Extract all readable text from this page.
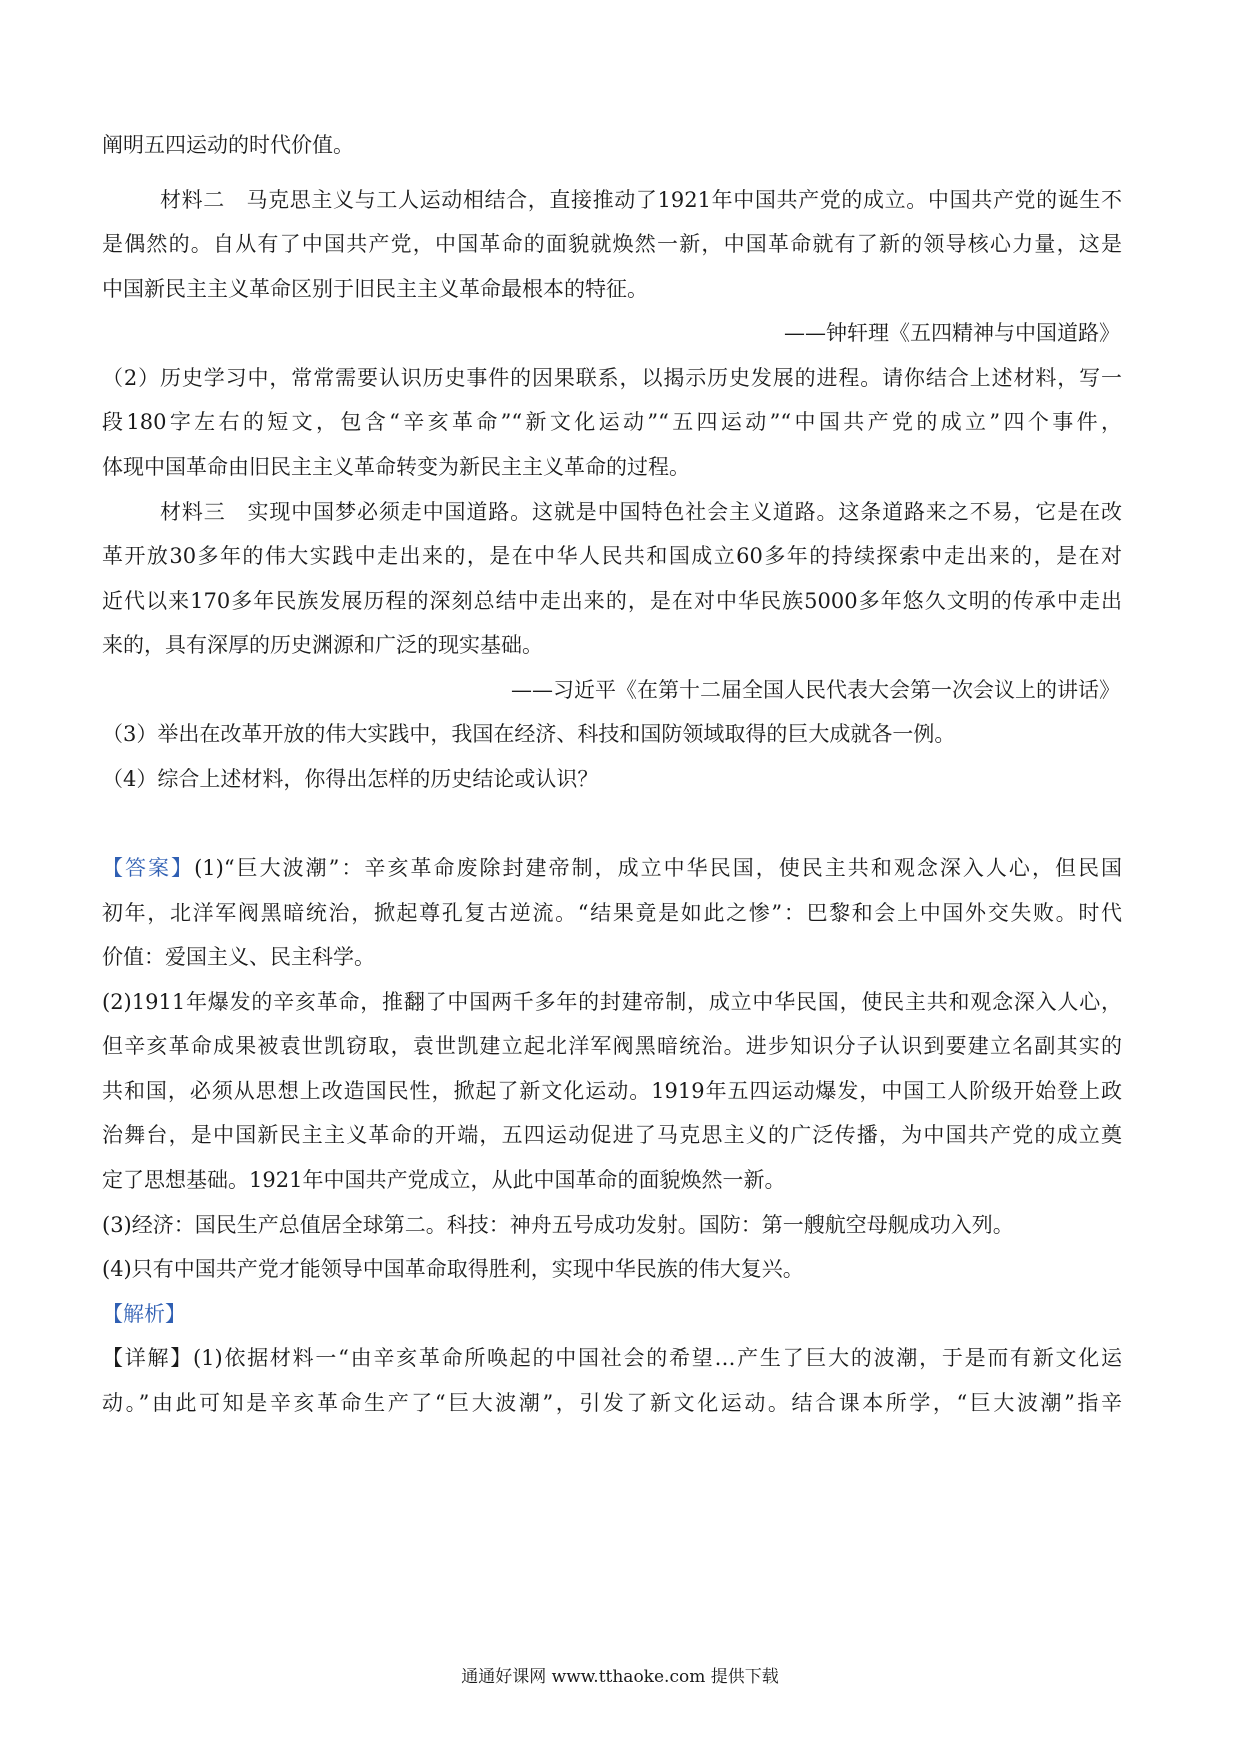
阐明五四运动的时代价值。
材料二　马克思主义与工人运动相结合，直接推动了1921年中国共产党的成立。中国共产党的诞生不
是偶然的。自从有了中国共产党，中国革命的面貌就焕然一新，中国革命就有了新的领导核心力量，这是
中国新民主主义革命区别于旧民主主义革命最根本的特征。
——钟轩理《五四精神与中国道路》
（2）历史学习中，常常需要认识历史事件的因果联系，以揭示历史发展的进程。请你结合上述材料，写一
段180字左右的短文，包含“辛亥革命”“新文化运动”“五四运动”“中国共产党的成立”四个事件，
体现中国革命由旧民主主义革命转变为新民主主义革命的过程。
材料三　实现中国梦必须走中国道路。这就是中国特色社会主义道路。这条道路来之不易，它是在改
革开放30多年的伟大实践中走出来的，是在中华人民共和国成立60多年的持续探索中走出来的，是在对
近代以来170多年民族发展历程的深刻总结中走出来的，是在对中华民族5000多年悠久文明的传承中走出
来的，具有深厚的历史渊源和广泛的现实基础。
——习近平《在第十二届全国人民代表大会第一次会议上的讲话》
（3）举出在改革开放的伟大实践中，我国在经济、科技和国防领域取得的巨大成就各一例。
（4）综合上述材料，你得出怎样的历史结论或认识？
【答案】(1)“巨大波潮”：辛亥革命废除封建帝制，成立中华民国，使民主共和观念深入人心，但民国
初年，北洋军阀黑暗统治，掀起尊孔复古逆流。“结果竟是如此之惨”：巴黎和会上中国外交失败。时代
价值：爱国主义、民主科学。
(2)1911年爆发的辛亥革命，推翻了中国两千多年的封建帝制，成立中华民国，使民主共和观念深入人心，
但辛亥革命成果被袁世凯窃取，袁世凯建立起北洋军阀黑暗统治。进步知识分子认识到要建立名副其实的
共和国，必须从思想上改造国民性，掀起了新文化运动。1919年五四运动爆发，中国工人阶级开始登上政
治舞台，是中国新民主主义革命的开端，五四运动促进了马克思主义的广泛传播，为中国共产党的成立奠
定了思想基础。1921年中国共产党成立，从此中国革命的面貌焕然一新。
(3)经济：国民生产总值居全球第二。科技：神舟五号成功发射。国防：第一艘航空母舰成功入列。
(4)只有中国共产党才能领导中国革命取得胜利，实现中华民族的伟大复兴。
【解析】
【详解】(1)依据材料一“由辛亥革命所唤起的中国社会的希望…产生了巨大的波潮，于是而有新文化运
动。”由此可知是辛亥革命生产了“巨大波潮”，引发了新文化运动。结合课本所学，“巨大波潮”指辛
通通好课网 www.tthaoke.com 提供下载
